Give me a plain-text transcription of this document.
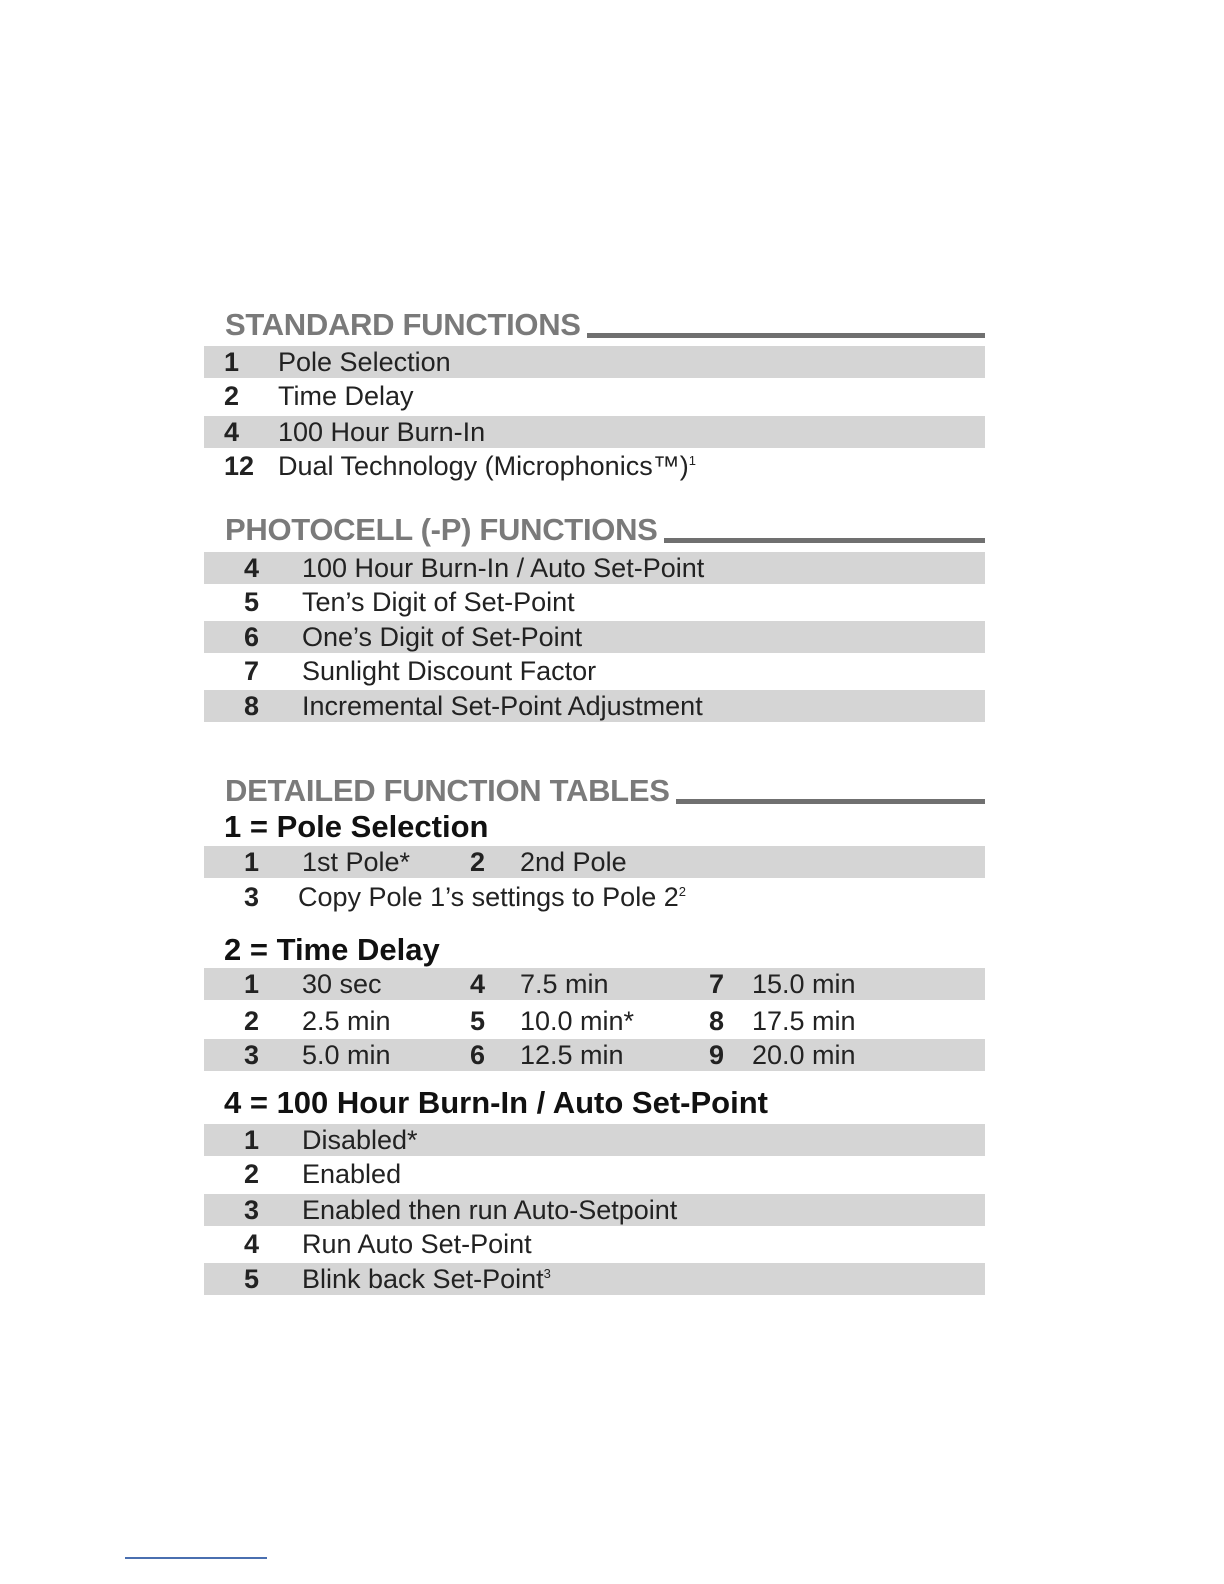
STANDARD FUNCTIONS
1 Pole Selection
2 Time Delay
4 100 Hour Burn-In
12 Dual Technology (Microphonics™)$^1$
PHOTOCELL (-P) FUNCTIONS
4 100 Hour Burn-In / Auto Set-Point
5 Ten’s Digit of Set-Point
6 One’s Digit of Set-Point
7 Sunlight Discount Factor
8 Incremental Set-Point Adjustment
DETAILED FUNCTION TABLES
1 = Pole Selection
1 1st Pole* 2 2nd Pole
3 Copy Pole 1’s settings to Pole $2^2$
2 = Time Delay
1 30 sec	4 7.5 min	7 15.0 min
2 2.5 min	5 10.0 min*	8 17.5 min
3 5.0 min	6 12.5 min	9 20.0 min
4 = 100 Hour Burn-In / Auto Set-Point
1 Disabled*
2 Enabled
3 Enabled then run Auto-Setpoint
4 Run Auto Set-Point
5 Blink back Set-Point$^3$
